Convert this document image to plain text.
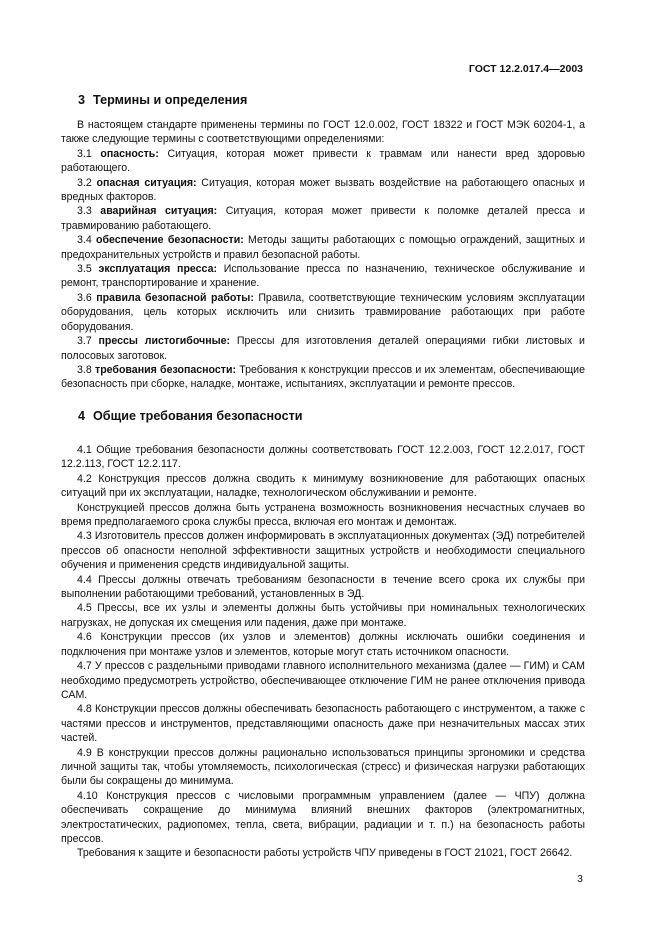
ГОСТ 12.2.017.4—2003
3 Термины и определения

В настоящем стандарте применены термины по ГОСТ 12.0.002, ГОСТ 18322 и ГОСТ МЭК 60204-1, а также следующие термины с соответствующими определениями:

3.1 опасность: Ситуация, которая может привести к травмам или нанести вред здоровью работающего.

3.2 опасная ситуация: Ситуация, которая может вызвать воздействие на работающего опасных и вредных факторов.

3.3 аварийная ситуация: Ситуация, которая может привести к поломке деталей пресса и травмированию работающего.

3.4 обеспечение безопасности: Методы защиты работающих с помощью ограждений, защитных и предохранительных устройств и правил безопасной работы.

3.5 эксплуатация пресса: Использование пресса по назначению, техническое обслуживание и ремонт, транспортирование и хранение.

3.6 правила безопасной работы: Правила, соответствующие техническим условиям эксплуатации оборудования, цель которых исключить или снизить травмирование работающих при работе оборудования.

3.7 прессы листогибочные: Прессы для изготовления деталей операциями гибки листовых и полосовых заготовок.

3.8 требования безопасности: Требования к конструкции прессов и их элементам, обеспечивающие безопасность при сборке, наладке, монтаже, испытаниях, эксплуатации и ремонте прессов.

4 Общие требования безопасности

4.1 Общие требования безопасности должны соответствовать ГОСТ 12.2.003, ГОСТ 12.2.017, ГОСТ 12.2.113, ГОСТ 12.2.117.

4.2 Конструкция прессов должна сводить к минимуму возникновение для работающих опасных ситуаций при их эксплуатации, наладке, технологическом обслуживании и ремонте.

Конструкцией прессов должна быть устранена возможность возникновения несчастных случаев во время предполагаемого срока службы пресса, включая его монтаж и демонтаж.

4.3 Изготовитель прессов должен информировать в эксплуатационных документах (ЭД) потребителей прессов об опасности неполной эффективности защитных устройств и необходимости специального обучения и применения средств индивидуальной защиты.

4.4 Прессы должны отвечать требованиям безопасности в течение всего срока их службы при выполнении работающими требований, установленных в ЭД.

4.5 Прессы, все их узлы и элементы должны быть устойчивы при номинальных технологических нагрузках, не допуская их смещения или падения, даже при монтаже.

4.6 Конструкции прессов (их узлов и элементов) должны исключать ошибки соединения и подключения при монтаже узлов и элементов, которые могут стать источником опасности.

4.7 У прессов с раздельными приводами главного исполнительного механизма (далее — ГИМ) и САМ необходимо предусмотреть устройство, обеспечивающее отключение ГИМ не ранее отключения привода САМ.

4.8 Конструкции прессов должны обеспечивать безопасность работающего с инструментом, а также с частями прессов и инструментов, представляющими опасность даже при незначительных массах этих частей.

4.9 В конструкции прессов должны рационально использоваться принципы эргономики и средства личной защиты так, чтобы утомляемость, психологическая (стресс) и физическая нагрузки работающих были бы сокращены до минимума.

4.10 Конструкция прессов с числовыми программным управлением (далее — ЧПУ) должна обеспечивать сокращение до минимума влияний внешних факторов (электромагнитных, электростатических, радиопомех, тепла, света, вибрации, радиации и т. п.) на безопасность работы прессов.

Требования к защите и безопасности работы устройств ЧПУ приведены в ГОСТ 21021, ГОСТ 26642.

3
